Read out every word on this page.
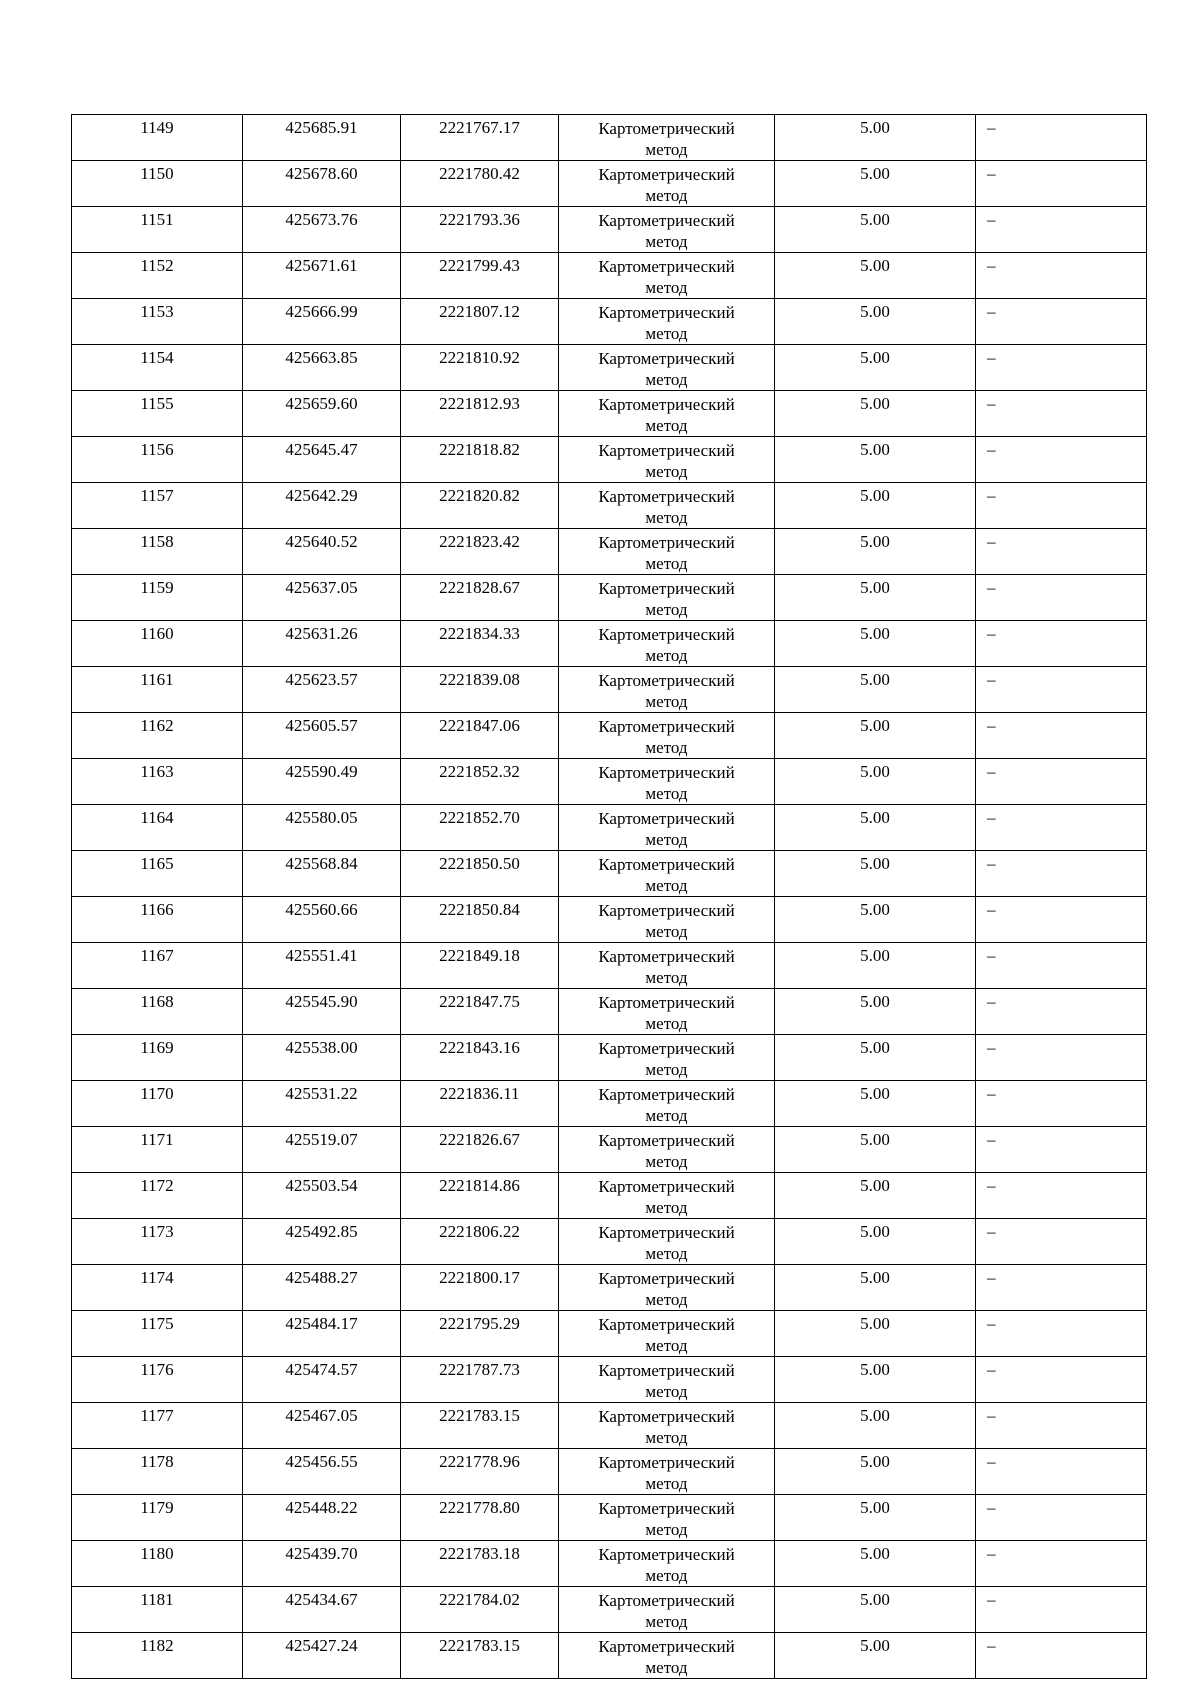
1149	425685.91	2221767.17	Картометрический
метод	5.00	–
1150	425678.60	2221780.42	Картометрический
метод	5.00	–
1151	425673.76	2221793.36	Картометрический
метод	5.00	–
1152	425671.61	2221799.43	Картометрический
метод	5.00	–
1153	425666.99	2221807.12	Картометрический
метод	5.00	–
1154	425663.85	2221810.92	Картометрический
метод	5.00	–
1155	425659.60	2221812.93	Картометрический
метод	5.00	–
1156	425645.47	2221818.82	Картометрический
метод	5.00	–
1157	425642.29	2221820.82	Картометрический
метод	5.00	–
1158	425640.52	2221823.42	Картометрический
метод	5.00	–
1159	425637.05	2221828.67	Картометрический
метод	5.00	–
1160	425631.26	2221834.33	Картометрический
метод	5.00	–
1161	425623.57	2221839.08	Картометрический
метод	5.00	–
1162	425605.57	2221847.06	Картометрический
метод	5.00	–
1163	425590.49	2221852.32	Картометрический
метод	5.00	–
1164	425580.05	2221852.70	Картометрический
метод	5.00	–
1165	425568.84	2221850.50	Картометрический
метод	5.00	–
1166	425560.66	2221850.84	Картометрический
метод	5.00	–
1167	425551.41	2221849.18	Картометрический
метод	5.00	–
1168	425545.90	2221847.75	Картометрический
метод	5.00	–
1169	425538.00	2221843.16	Картометрический
метод	5.00	–
1170	425531.22	2221836.11	Картометрический
метод	5.00	–
1171	425519.07	2221826.67	Картометрический
метод	5.00	–
1172	425503.54	2221814.86	Картометрический
метод	5.00	–
1173	425492.85	2221806.22	Картометрический
метод	5.00	–
1174	425488.27	2221800.17	Картометрический
метод	5.00	–
1175	425484.17	2221795.29	Картометрический
метод	5.00	–
1176	425474.57	2221787.73	Картометрический
метод	5.00	–
1177	425467.05	2221783.15	Картометрический
метод	5.00	–
1178	425456.55	2221778.96	Картометрический
метод	5.00	–
1179	425448.22	2221778.80	Картометрический
метод	5.00	–
1180	425439.70	2221783.18	Картометрический
метод	5.00	–
1181	425434.67	2221784.02	Картометрический
метод	5.00	–
1182	425427.24	2221783.15	Картометрический
метод	5.00	–
